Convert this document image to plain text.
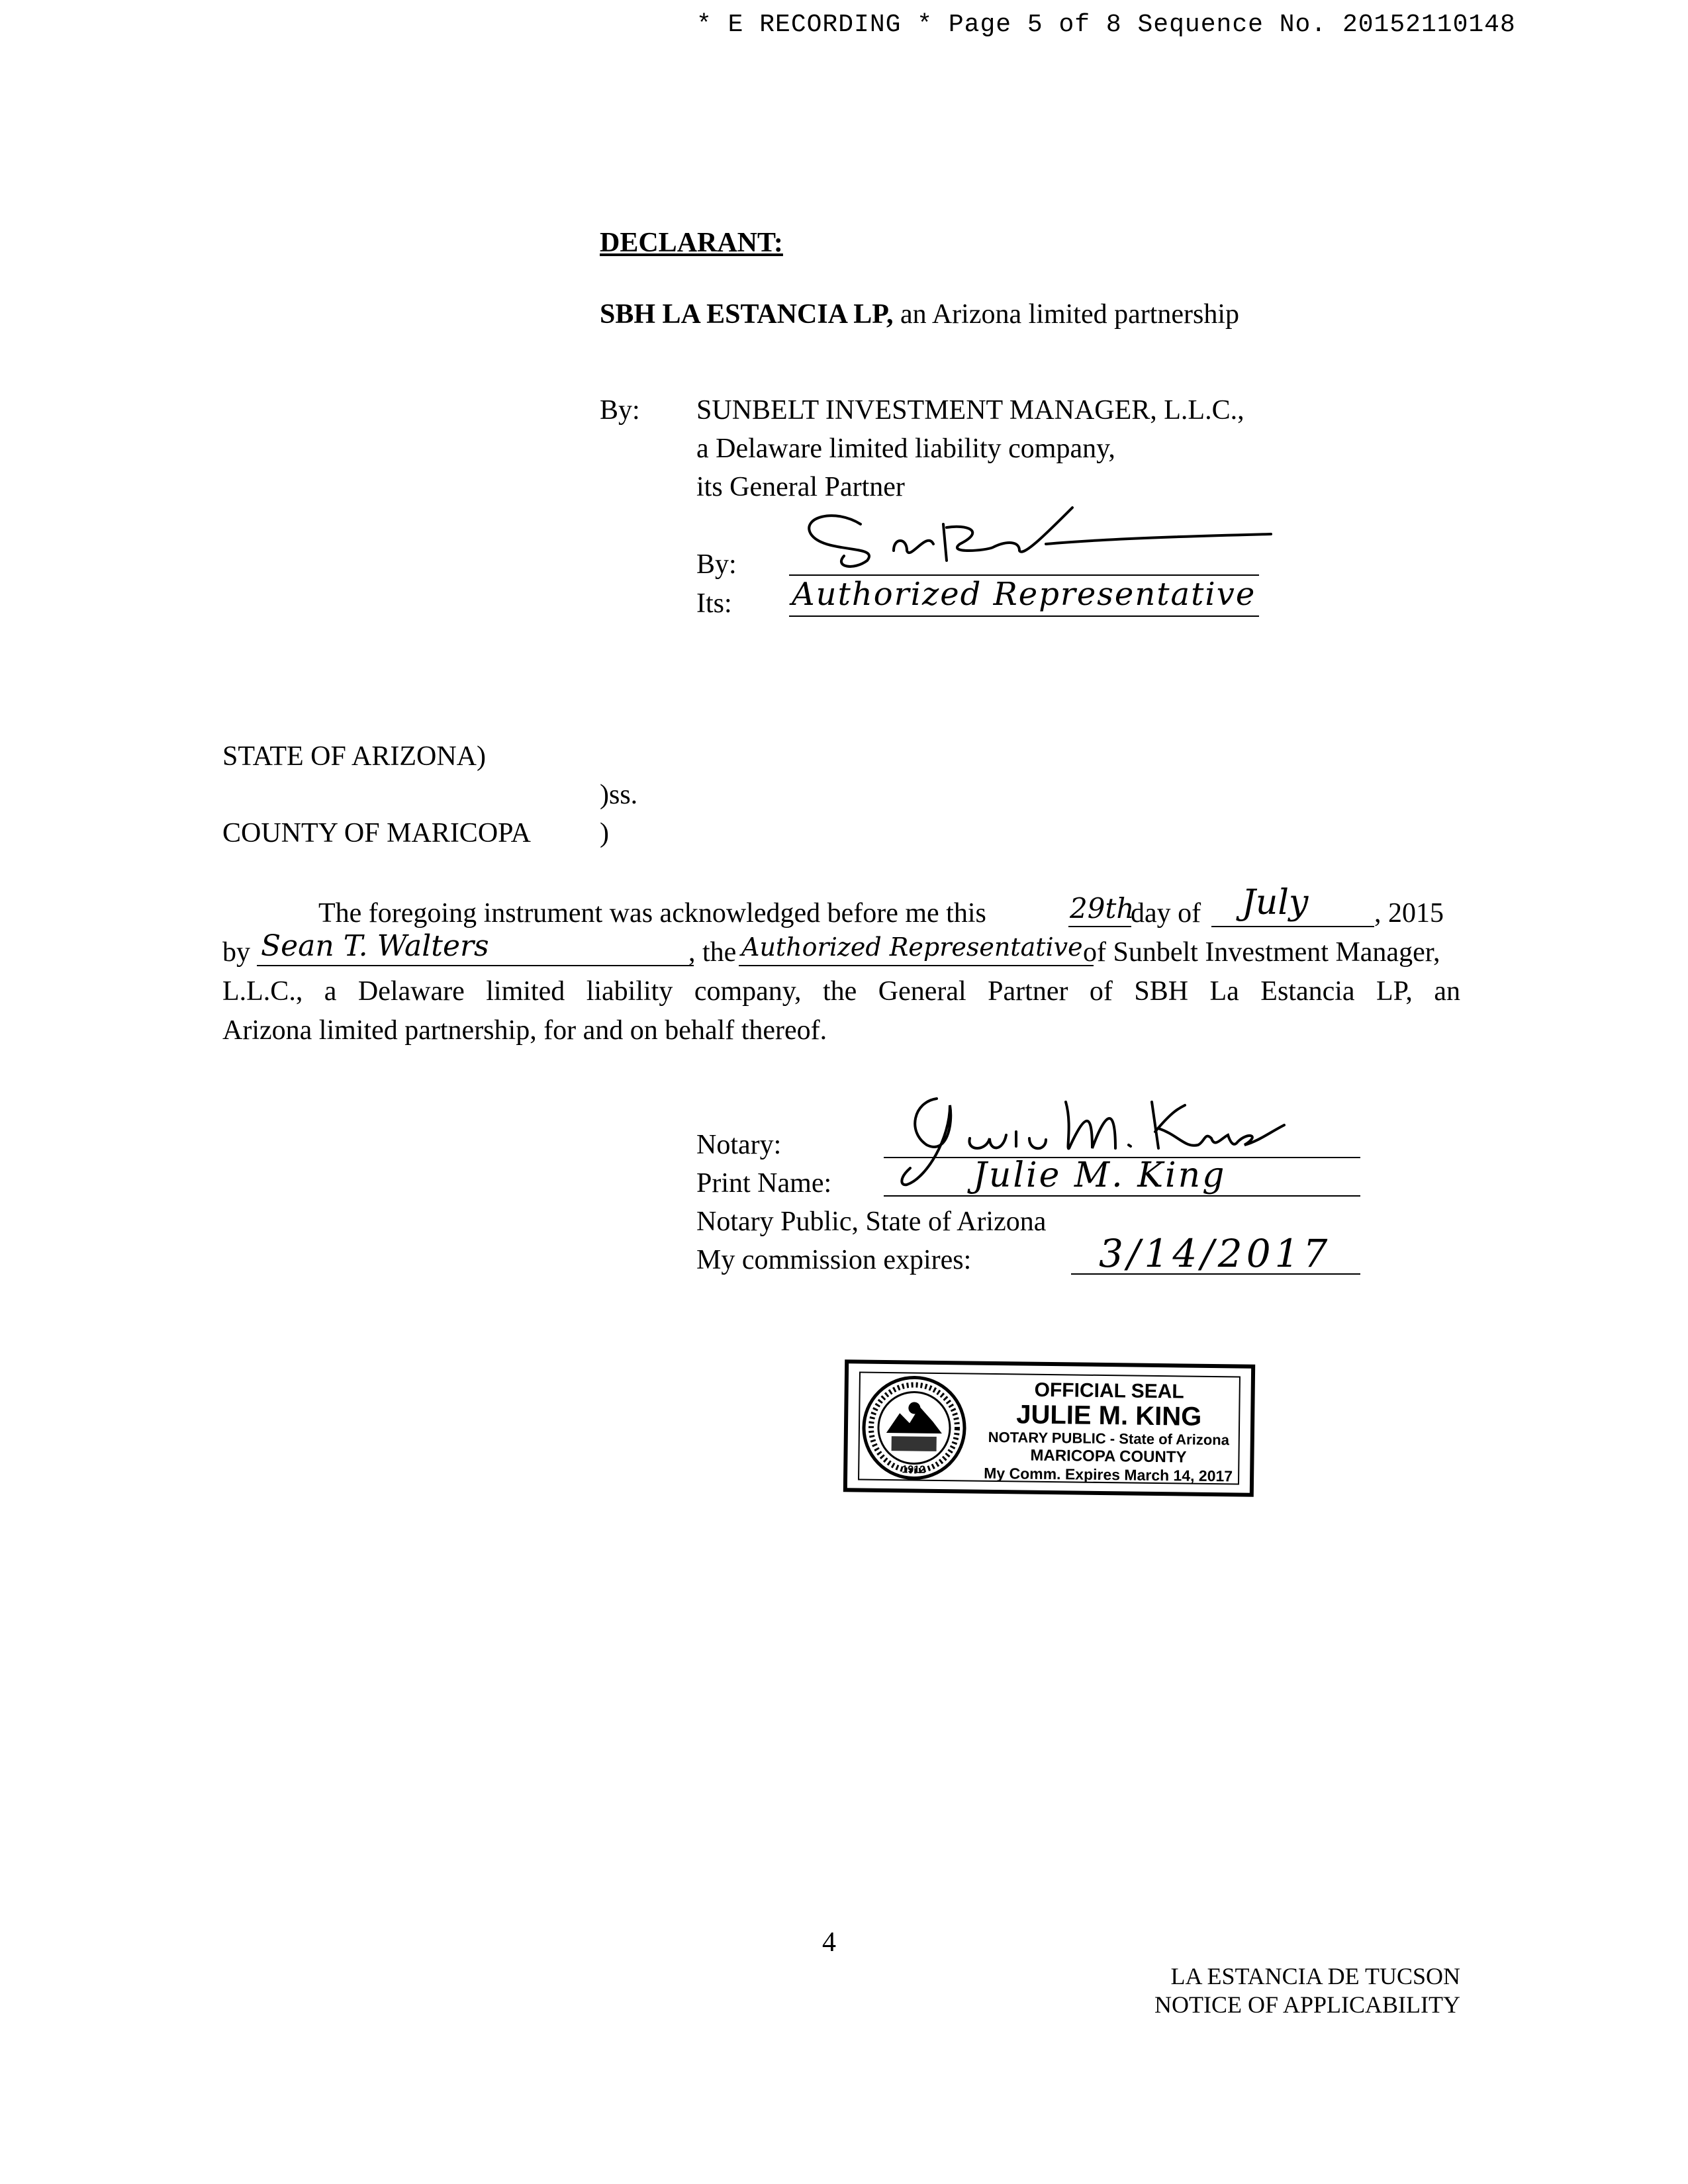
* E RECORDING * Page 5 of 8 Sequence No. 20152110148
DECLARANT:
SBH LA ESTANCIA LP, an Arizona limited partnership
By: SUNBELT INVESTMENT MANAGER, L.L.C.,
a Delaware limited liability company,
its General Partner
By:
Its: Authorized Representative
STATE OF ARIZONA)
)ss.
COUNTY OF MARICOPA )
The foregoing instrument was acknowledged before me this	29th
day of July , 2015
by Sean T. Walters	, the Authorized Representative of Sunbelt Investment Manager,
L.L.C., a Delaware limited liability company, the General Partner of SBH La Estancia LP, an
Arizona limited partnership, for and on behalf thereof.
Notary:
Print Name:	Julie M. King
Notary Public, State of Arizona
My commission expires:	3/14/2017
1912
OFFICIAL SEAL
JULIE M. KING
NOTARY PUBLIC - State of Arizona
MARICOPA COUNTY
My Comm. Expires March 14, 2017
4
LA ESTANCIA DE TUCSON
NOTICE OF APPLICABILITY
